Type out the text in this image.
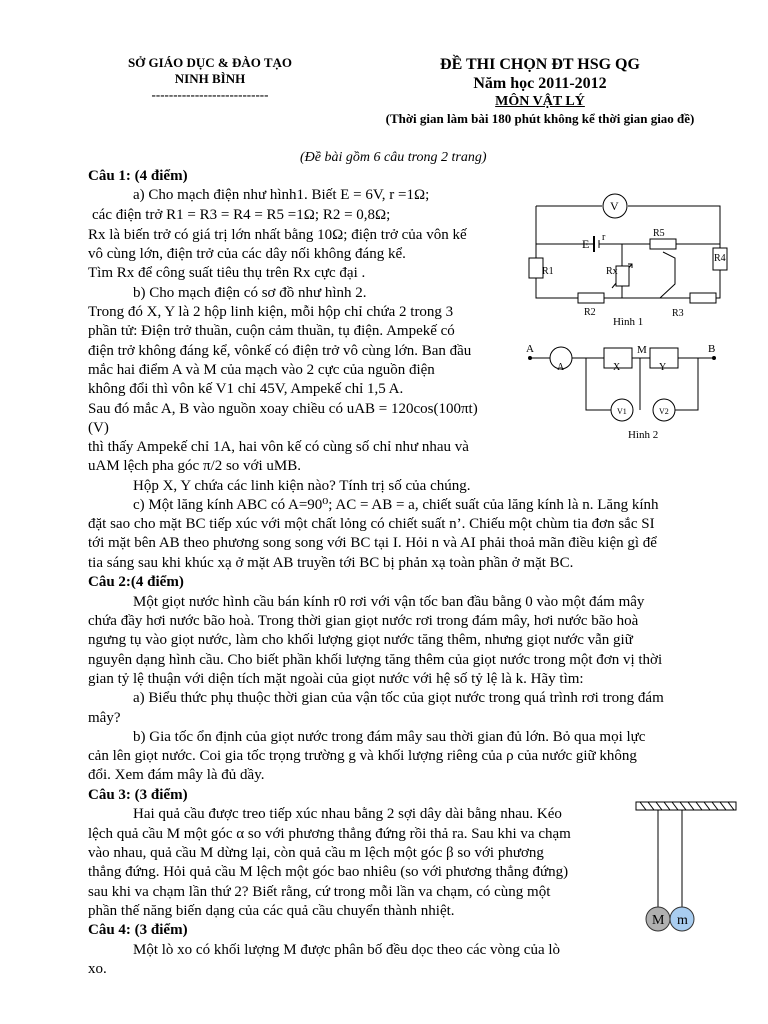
SỞ GIÁO DỤC & ĐÀO TẠO
NINH BÌNH
---------------------------
ĐỀ THI CHỌN ĐT HSG QG
Năm học 2011-2012
MÔN VẬT LÝ
(Thời gian làm bài 180 phút không kể thời gian giao đề)
(Đề bài gồm 6 câu trong 2 trang)
Câu 1: (4 điểm)
a) Cho mạch điện như hình1. Biết E = 6V, r =1Ω;
các điện trở R1 = R3 = R4 = R5 =1Ω; R2 = 0,8Ω;
Rx là biến trở có giá trị lớn nhất bằng 10Ω; điện trở của vôn kế
vô cùng lớn, điện trở của các dây nối không đáng kể.
Tìm Rx để công suất tiêu thụ trên Rx cực đại .
b) Cho mạch điện có sơ đồ như hình 2.
Trong đó X, Y là 2 hộp linh kiện, mỗi hộp chỉ chứa 2 trong 3
phần tử: Điện trở thuần, cuộn cảm thuần, tụ điện. Ampekế có
điện trở không đáng kể, vônkế có điện trở vô cùng lớn. Ban đầu
mắc hai điểm A và M của mạch vào 2 cực của nguồn điện
không đổi thì vôn kế V1 chỉ 45V, Ampekế chỉ 1,5 A.
Sau đó mắc A, B vào nguồn xoay chiều có uAB = 120cos(100πt)
(V)
thì thấy Ampekế chỉ 1A, hai vôn kế có cùng số chỉ như nhau và
uAM lệch pha góc π/2 so với uMB.
Hộp X, Y chứa các linh kiện nào? Tính trị số của chúng.
c) Một lăng kính ABC có A=90⁰; AC = AB = a, chiết suất của lăng kính là n. Lăng kính
đặt sao cho mặt BC tiếp xúc với một chất lỏng có chiết suất n’. Chiếu một chùm tia đơn sắc SI
tới mặt bên AB theo phương song song với BC tại I. Hỏi n và AI phải thoả mãn điều kiện gì để
tia sáng sau khi khúc xạ ở mặt AB truyền tới BC bị phản xạ toàn phần ở mặt BC.
Câu 2:(4 điểm)
Một giọt nước hình cầu bán kính r0 rơi với vận tốc ban đầu bằng 0 vào một đám mây
chứa đầy hơi nước bão hoà. Trong thời gian giọt nước rơi trong đám mây, hơi nước bão hoà
ngưng tụ vào giọt nước, làm cho khối lượng giọt nước tăng thêm, nhưng giọt nước vẫn giữ
nguyên dạng hình cầu. Cho biết phần khối lượng tăng thêm của giọt nước trong một đơn vị thời
gian tỷ lệ thuận với diện tích mặt ngoài của giọt nước với hệ số tỷ lệ là k. Hãy tìm:
a) Biểu thức phụ thuộc thời gian của vận tốc của giọt nước trong quá trình rơi trong đám
mây?
b) Gia tốc ổn định của giọt nước trong đám mây sau thời gian đủ lớn. Bỏ qua mọi lực
cản lên giọt nước. Coi gia tốc trọng trường g và khối lượng riêng của ρ của nước giữ không
đổi. Xem đám mây là đủ dầy.
Câu 3: (3 điểm)
Hai quả cầu được treo tiếp xúc nhau bằng 2 sợi dây dài bằng nhau. Kéo
lệch quả cầu M một góc α so với phương thẳng đứng rồi thả ra. Sau khi va chạm
vào nhau, quả cầu M dừng lại, còn quả cầu m lệch một góc β so với phương
thẳng đứng. Hỏi quả cầu M lệch một góc bao nhiêu (so với phương thẳng đứng)
sau khi va chạm lần thứ 2? Biết rằng, cứ trong mỗi lần va chạm, có cùng một
phần thế năng biến dạng của các quả cầu chuyển thành nhiệt.
Câu 4: (3 điểm)
Một lò xo có khối lượng M được phân bố đều dọc theo các vòng của lò
xo.
V
E r	R5
R4
R1	Rx
R2	R3
Hình 1
A	M	B
A	X	Y
V1	V2
Hình 2
M m
